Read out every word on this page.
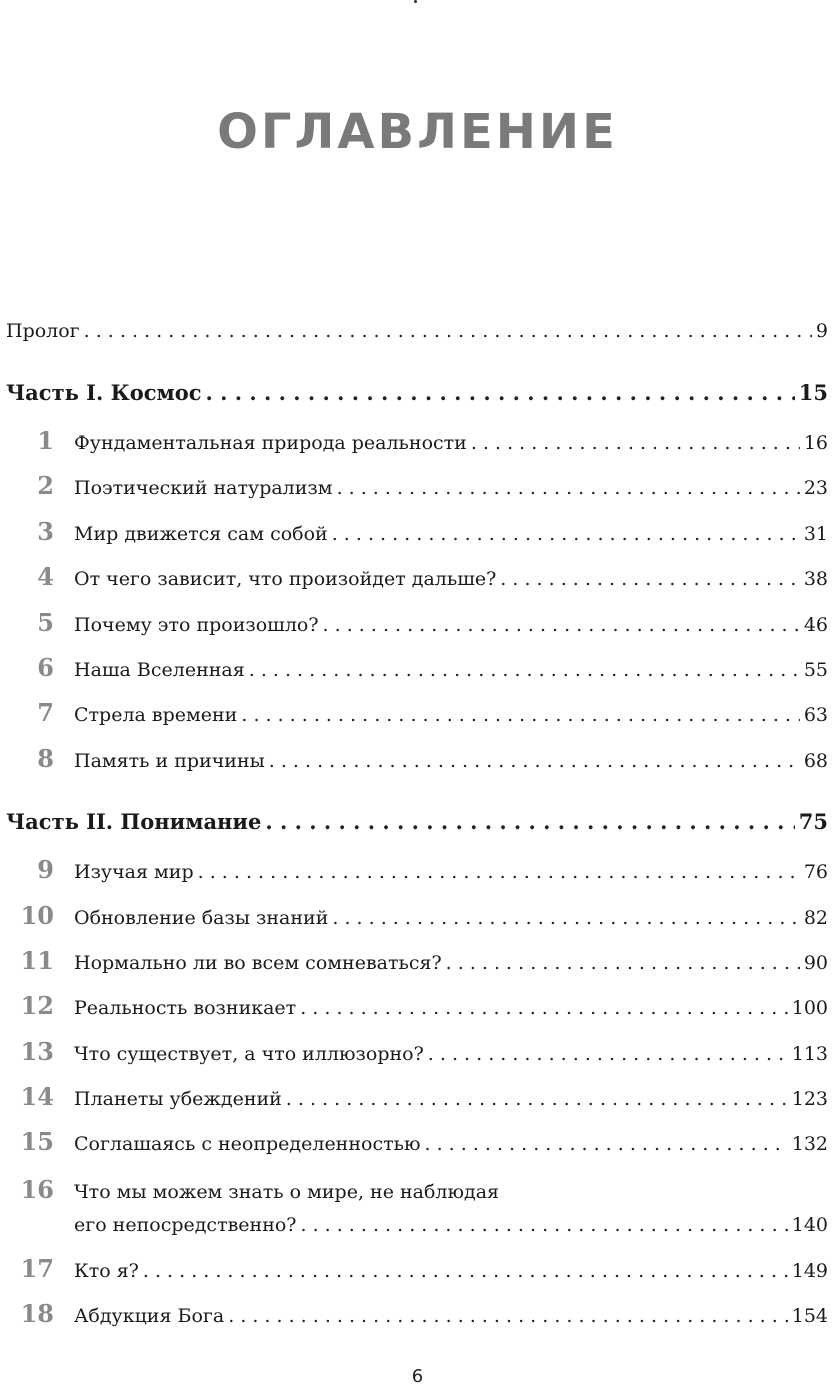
ОГЛАВЛЕНИЕ
Пролог . . .	9
Часть I. Космос . . .	15
1	Фундаментальная природа реальности . . .	16
2	Поэтический натурализм . . .	23
3	Мир движется сам собой . . .	31
4	От чего зависит, что произойдет дальше? . . .	38
5	Почему это произошло? . . .	46
6	Наша Вселенная . . .	55
7	Стрела времени . . .	63
8	Память и причины . . .	68
Часть II. Понимание . . .	75
9	Изучая мир . . .	76
10	Обновление базы знаний . . .	82
11	Нормально ли во всем сомневаться? . . .	90
12	Реальность возникает . . .	100
13	Что существует, а что иллюзорно? . . .	113
14	Планеты убеждений . . .	123
15	Соглашаясь с неопределенностью . . .	132
16	Что мы можем знать о мире, не наблюдая
его непосредственно? . . .	140
17	Кто я? . . .	149
18	Абдукция Бога . . .	154
6
